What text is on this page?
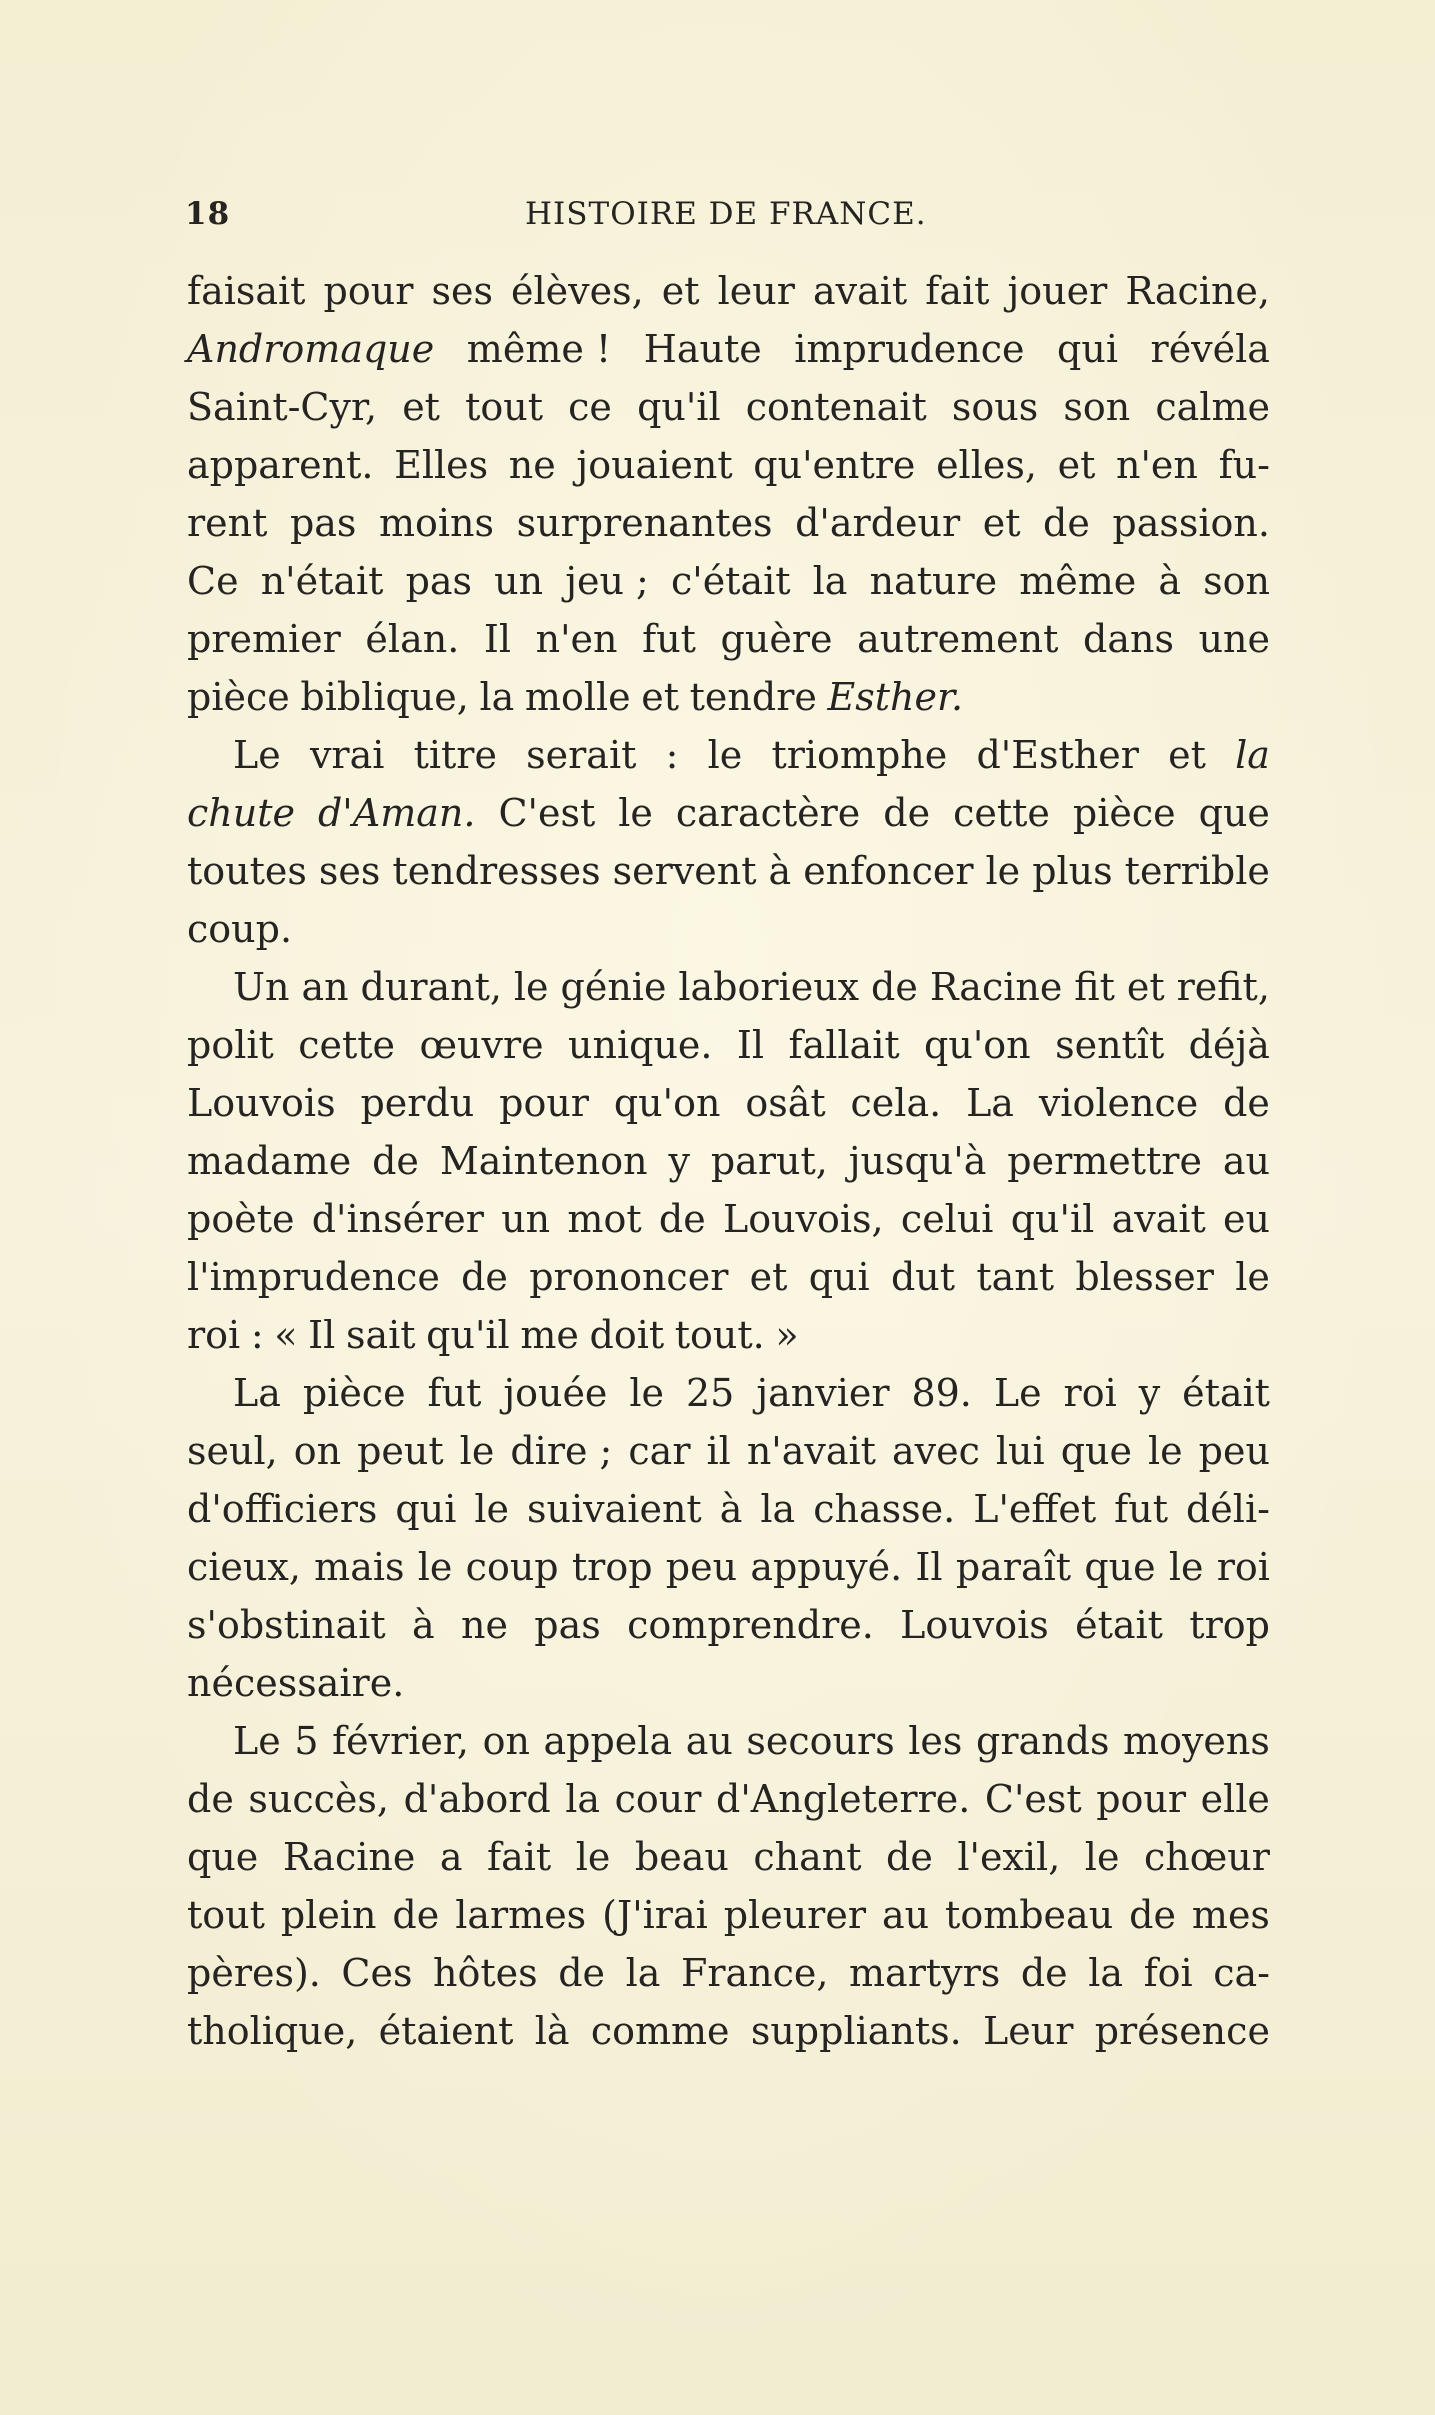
18	HISTOIRE DE FRANCE.
faisait pour ses élèves, et leur avait fait jouer Racine,
Andromaque même ! Haute imprudence qui révéla
Saint-Cyr, et tout ce qu'il contenait sous son calme
apparent. Elles ne jouaient qu'entre elles, et n'en fu-
rent pas moins surprenantes d'ardeur et de passion.
Ce n'était pas un jeu ; c'était la nature même à son
premier élan. Il n'en fut guère autrement dans une
pièce biblique, la molle et tendre Esther.
Le vrai titre serait : le triomphe d'Esther et la
chute d'Aman. C'est le caractère de cette pièce que
toutes ses tendresses servent à enfoncer le plus terrible
coup.
Un an durant, le génie laborieux de Racine fit et refit,
polit cette œuvre unique. Il fallait qu'on sentît déjà
Louvois perdu pour qu'on osât cela. La violence de
madame de Maintenon y parut, jusqu'à permettre au
poète d'insérer un mot de Louvois, celui qu'il avait eu
l'imprudence de prononcer et qui dut tant blesser le
roi : « Il sait qu'il me doit tout. »
La pièce fut jouée le 25 janvier 89. Le roi y était
seul, on peut le dire ; car il n'avait avec lui que le peu
d'officiers qui le suivaient à la chasse. L'effet fut déli-
cieux, mais le coup trop peu appuyé. Il paraît que le roi
s'obstinait à ne pas comprendre. Louvois était trop
nécessaire.
Le 5 février, on appela au secours les grands moyens
de succès, d'abord la cour d'Angleterre. C'est pour elle
que Racine a fait le beau chant de l'exil, le chœur
tout plein de larmes (J'irai pleurer au tombeau de mes
pères). Ces hôtes de la France, martyrs de la foi ca-
tholique, étaient là comme suppliants. Leur présence
